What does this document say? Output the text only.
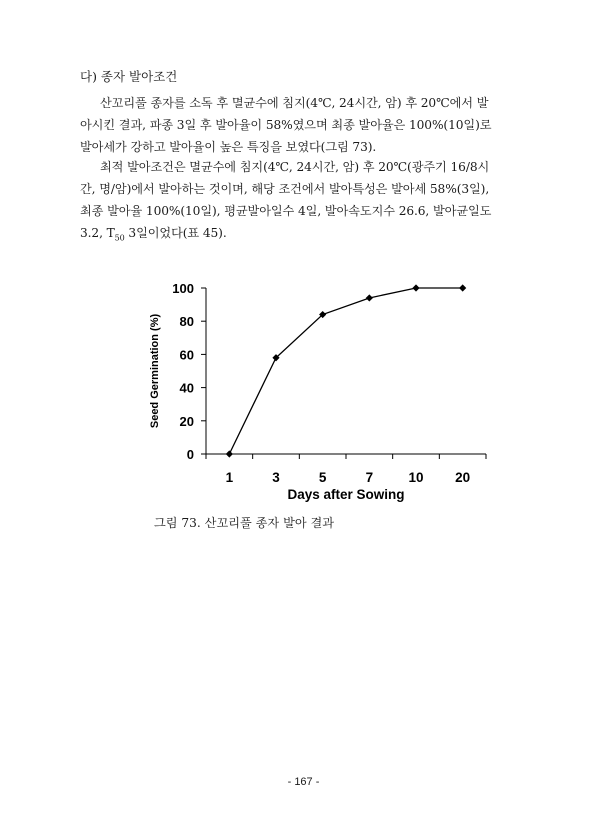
다) 종자 발아조건

산꼬리풀 종자를 소독 후 멸균수에 침지(4℃, 24시간, 암) 후 20℃에서 발
아시킨 결과, 파종 3일 후 발아율이 58%였으며 최종 발아율은 100%(10일)로
발아세가 강하고 발아율이 높은 특징을 보였다(그림 73).

최적 발아조건은 멸균수에 침지(4℃, 24시간, 암) 후 20℃(광주기 16/8시
간, 명/암)에서 발아하는 것이며, 해당 조건에서 발아특성은 발아세 58%(3일),
최종 발아율 100%(10일), 평균발아일수 4일, 발아속도지수 26.6, 발아균일도
3.2, $T_{50}$ 3일이었다(표 45).

0
20
40
60
80
100
1	3	5	7	10 20
Days after Sowing
Seed Germination (%)

그림 73. 산꼬리풀 종자 발아 결과

- 167 -
